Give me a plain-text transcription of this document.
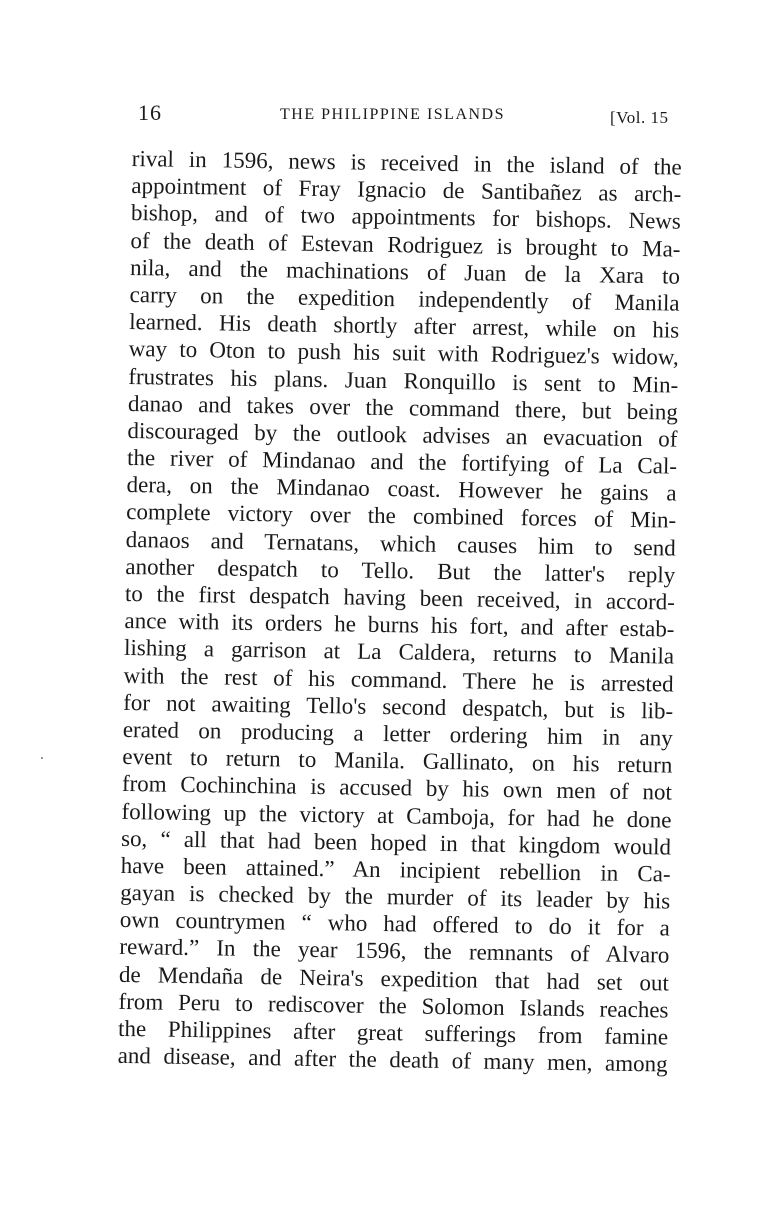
16	THE PHILIPPINE ISLANDS	[Vol. 15
rival in 1596, news is received in the island of the
appointment of Fray Ignacio de Santibañez as arch-
bishop, and of two appointments for bishops. News
of the death of Estevan Rodriguez is brought to Ma-
nila, and the machinations of Juan de la Xara to
carry on the expedition independently of Manila
learned. His death shortly after arrest, while on his
way to Oton to push his suit with Rodriguez's widow,
frustrates his plans. Juan Ronquillo is sent to Min-
danao and takes over the command there, but being
discouraged by the outlook advises an evacuation of
the river of Mindanao and the fortifying of La Cal-
dera, on the Mindanao coast. However he gains a
complete victory over the combined forces of Min-
danaos and Ternatans, which causes him to send
another despatch to Tello. But the latter's reply
to the first despatch having been received, in accord-
ance with its orders he burns his fort, and after estab-
lishing a garrison at La Caldera, returns to Manila
with the rest of his command. There he is arrested
for not awaiting Tello's second despatch, but is lib-
erated on producing a letter ordering him in any
event to return to Manila. Gallinato, on his return
from Cochinchina is accused by his own men of not
following up the victory at Camboja, for had he done
so, “ all that had been hoped in that kingdom would
have been attained.” An incipient rebellion in Ca-
gayan is checked by the murder of its leader by his
own countrymen “ who had offered to do it for a
reward.” In the year 1596, the remnants of Alvaro
de Mendaña de Neira's expedition that had set out
from Peru to rediscover the Solomon Islands reaches
the Philippines after great sufferings from famine
and disease, and after the death of many men, among
